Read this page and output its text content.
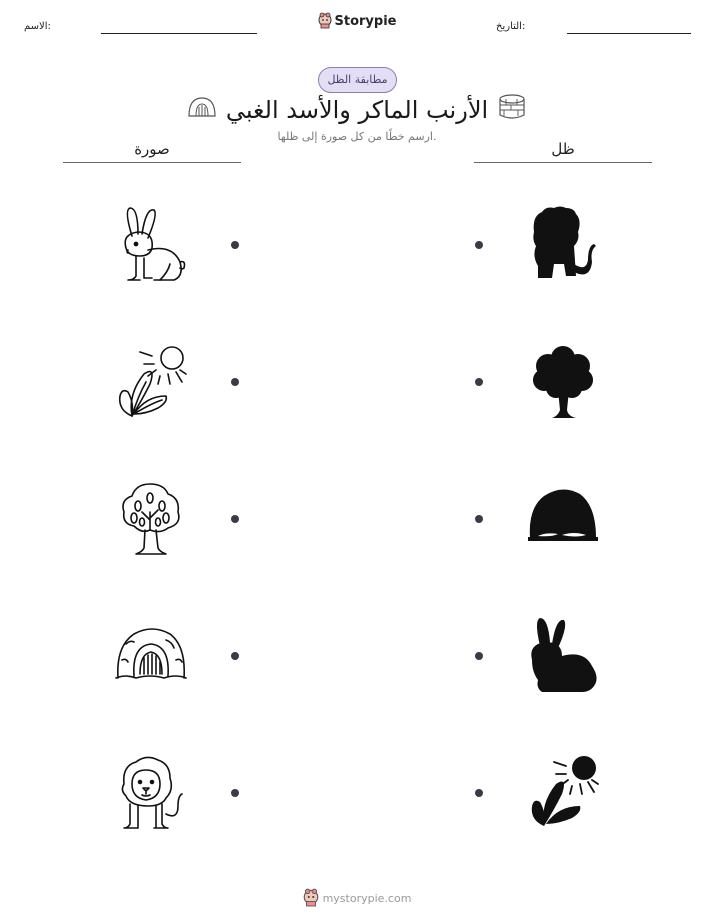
الاسم:	Storypie	التاريخ:
مطابقة الظل
الأرنب الماكر والأسد الغبي
ارسم خطًا من كل صورة إلى ظلها.
صورة	ظل
mystorypie.com
